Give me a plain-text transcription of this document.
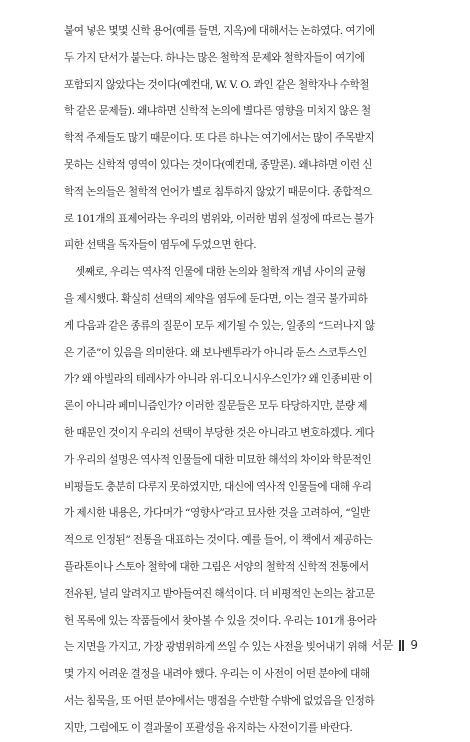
붙여 넣은 몇몇 신학 용어(예를 들면, 지옥)에 대해서는 논하였다. 여기에
두 가지 단서가 붙는다. 하나는 많은 철학적 문제와 철학자들이 여기에
포함되지 않았다는 것이다(예컨대, W. V. O. 콰인 같은 철학자나 수학철
학 같은 문제들). 왜냐하면 신학적 논의에 별다른 영향을 미치지 않은 철
학적 주제들도 많기 때문이다. 또 다른 하나는 여기에서는 많이 주목받지
못하는 신학적 영역이 있다는 것이다(예컨대, 종말론). 왜냐하면 이런 신
학적 논의들은 철학적 언어가 별로 침투하지 않았기 때문이다. 종합적으
로 101개의 표제어라는 우리의 범위와, 이러한 범위 설정에 따르는 불가
피한 선택을 독자들이 염두에 두었으면 한다.
셋째로, 우리는 역사적 인물에 대한 논의와 철학적 개념 사이의 균형
을 제시했다. 확실히 선택의 제약을 염두에 둔다면, 이는 결국 불가피하
게 다음과 같은 종류의 질문이 모두 제기될 수 있는, 일종의 “드러나지 않
은 기준”이 있음을 의미한다. 왜 보나벤투라가 아니라 둔스 스코투스인
가? 왜 아빌라의 테레사가 아니라 위-디오니시우스인가? 왜 인종비판 이
론이 아니라 페미니즘인가? 이러한 질문들은 모두 타당하지만, 분량 제
한 때문인 것이지 우리의 선택이 부당한 것은 아니라고 변호하겠다. 게다
가 우리의 설명은 역사적 인물들에 대한 미묘한 해석의 차이와 학문적인
비평들도 충분히 다루지 못하였지만, 대신에 역사적 인물들에 대해 우리
가 제시한 내용은, 가다머가 “영향사”라고 묘사한 것을 고려하여, “일반
적으로 인정된” 전통을 대표하는 것이다. 예를 들어, 이 책에서 제공하는
플라톤이나 스토아 철학에 대한 그림은 서양의 철학적 신학적 전통에서
전유된, 널리 알려지고 받아들여진 해석이다. 더 비평적인 논의는 참고문
헌 목록에 있는 작품들에서 찾아볼 수 있을 것이다. 우리는 101개 용어라
는 지면을 가지고, 가장 광범위하게 쓰일 수 있는 사전을 빚어내기 위해
몇 가지 어려운 결정을 내려야 했다. 우리는 이 사전이 어떤 분야에 대해
서는 침묵을, 또 어떤 분야에서는 맹점을 수반할 수밖에 없었음을 인정하
지만, 그럼에도 이 결과물이 포괄성을 유지하는 사전이기를 바란다.
서문 9
